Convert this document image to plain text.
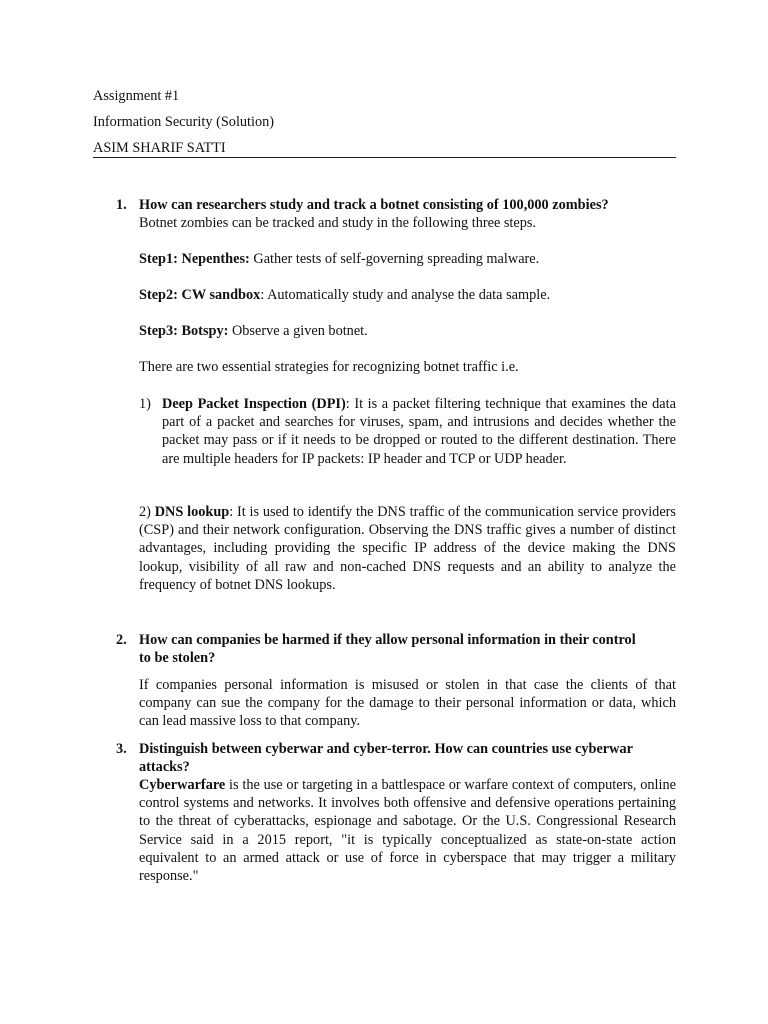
Assignment #1
Information Security (Solution)
ASIM SHARIF SATTI
1. How can researchers study and track a botnet consisting of 100,000 zombies?
Botnet zombies can be tracked and study in the following three steps.
Step1: Nepenthes: Gather tests of self-governing spreading malware.
Step2: CW sandbox: Automatically study and analyse the data sample.
Step3: Botspy: Observe a given botnet.
There are two essential strategies for recognizing botnet traffic i.e.
1) Deep Packet Inspection (DPI): It is a packet filtering technique that examines the data part of a packet and searches for viruses, spam, and intrusions and decides whether the packet may pass or if it needs to be dropped or routed to the different destination. There are multiple headers for IP packets: IP header and TCP or UDP header.
2) DNS lookup: It is used to identify the DNS traffic of the communication service providers (CSP) and their network configuration. Observing the DNS traffic gives a number of distinct advantages, including providing the specific IP address of the device making the DNS lookup, visibility of all raw and non-cached DNS requests and an ability to analyze the frequency of botnet DNS lookups.
2. How can companies be harmed if they allow personal information in their control to be stolen?
If companies personal information is misused or stolen in that case the clients of that company can sue the company for the damage to their personal information or data, which can lead massive loss to that company.
3. Distinguish between cyberwar and cyber-terror. How can countries use cyberwar attacks?
Cyberwarfare is the use or targeting in a battlespace or warfare context of computers, online control systems and networks. It involves both offensive and defensive operations pertaining to the threat of cyberattacks, espionage and sabotage. Or the U.S. Congressional Research Service said in a 2015 report, "it is typically conceptualized as state-on-state action equivalent to an armed attack or use of force in cyberspace that may trigger a military response."
